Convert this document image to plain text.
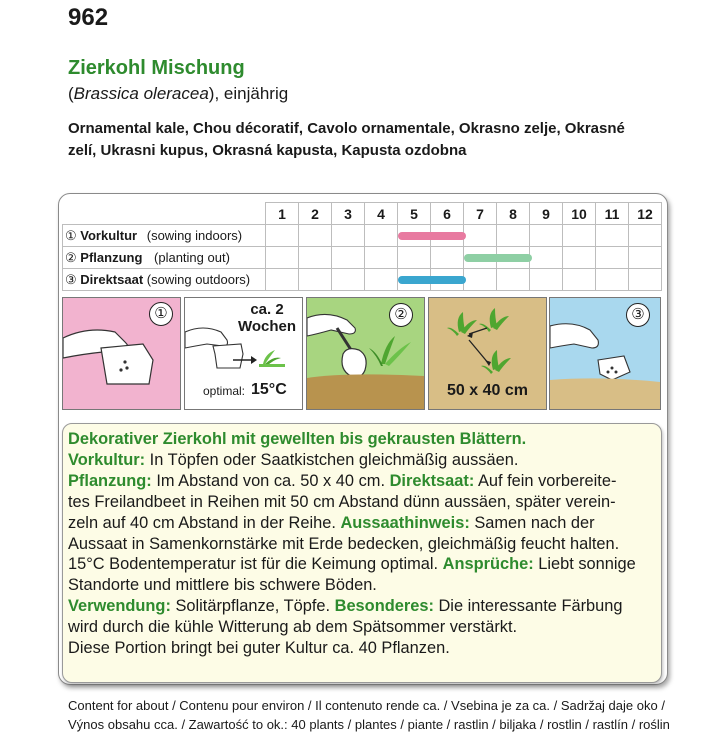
962
Zierkohl Mischung
(Brassica oleracea), einjährig
Ornamental kale, Chou décoratif, Cavolo ornamentale, Okrasno zelje, Okrasné
zelí, Ukrasni kupus, Okrasná kapusta, Kapusta ozdobna
	1	2	3	4	5	6	7	8	9	10	11	12
① Vorkultur (sowing indoors)												
② Pflanzung (planting out)												
③ Direktsaat (sowing outdoors)												
①	ca. 2
Wochen
optimal: 15°C
②
50 x 40 cm
③
Dekorativer Zierkohl mit gewellten bis gekrausten Blättern.
Vorkultur: In Töpfen oder Saatkistchen gleichmäßig aussäen.
Pflanzung: Im Abstand von ca. 50 x 40 cm. Direktsaat: Auf fein vorbereite-
tes Freilandbeet in Reihen mit 50 cm Abstand dünn aussäen, später verein-
zeln auf 40 cm Abstand in der Reihe. Aussaathinweis: Samen nach der
Aussaat in Samenkornstärke mit Erde bedecken, gleichmäßig feucht halten.
15°C Bodentemperatur ist für die Keimung optimal. Ansprüche: Liebt sonnige
Standorte und mittlere bis schwere Böden.
Verwendung: Solitärpflanze, Töpfe. Besonderes: Die interessante Färbung
wird durch die kühle Witterung ab dem Spätsommer verstärkt.
Diese Portion bringt bei guter Kultur ca. 40 Pflanzen.
Content for about / Contenu pour environ / Il contenuto rende ca. / Vsebina je za ca. / Sadržaj daje oko /
Výnos obsahu cca. / Zawartość to ok.: 40 plants / plantes / piante / rastlin / biljaka / rostlin / rastlín / roślin
